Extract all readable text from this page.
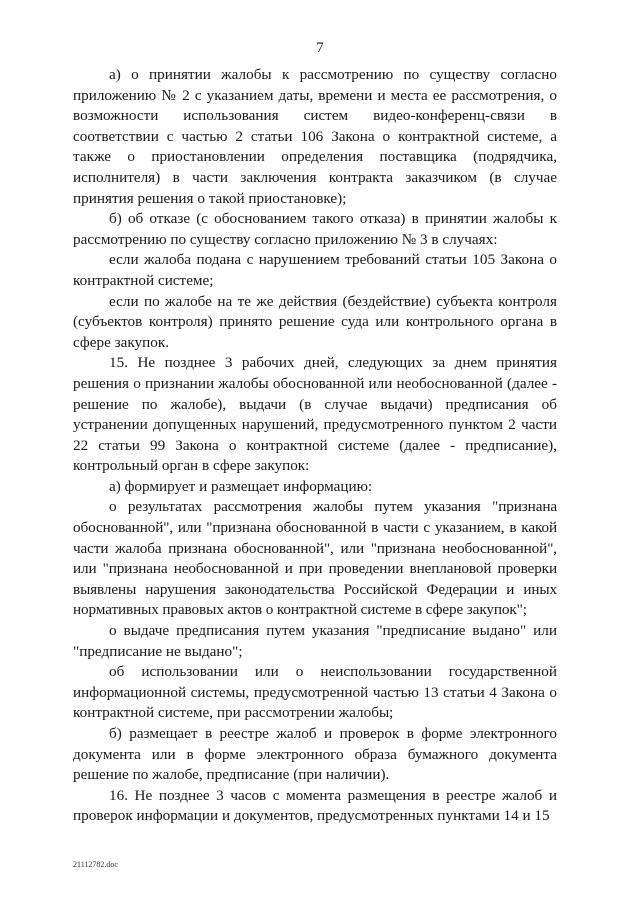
7

а) о принятии жалобы к рассмотрению по существу согласно приложению № 2 с указанием даты, времени и места ее рассмотрения, о возможности использования систем видео-конференц-связи в соответствии с частью 2 статьи 106 Закона о контрактной системе, а также о приостановлении определения поставщика (подрядчика, исполнителя) в части заключения контракта заказчиком (в случае принятия решения о такой приостановке);

б) об отказе (с обоснованием такого отказа) в принятии жалобы к рассмотрению по существу согласно приложению № 3 в случаях:

если жалоба подана с нарушением требований статьи 105 Закона о контрактной системе;

если по жалобе на те же действия (бездействие) субъекта контроля (субъектов контроля) принято решение суда или контрольного органа в сфере закупок.

15. Не позднее 3 рабочих дней, следующих за днем принятия решения о признании жалобы обоснованной или необоснованной (далее - решение по жалобе), выдачи (в случае выдачи) предписания об устранении допущенных нарушений, предусмотренного пунктом 2 части 22 статьи 99 Закона о контрактной системе (далее - предписание), контрольный орган в сфере закупок:

а) формирует и размещает информацию:

о результатах рассмотрения жалобы путем указания "признана обоснованной", или "признана обоснованной в части с указанием, в какой части жалоба признана обоснованной", или "признана необоснованной", или "признана необоснованной и при проведении внеплановой проверки выявлены нарушения законодательства Российской Федерации и иных нормативных правовых актов о контрактной системе в сфере закупок";

о выдаче предписания путем указания "предписание выдано" или "предписание не выдано";

об использовании или о неиспользовании государственной информационной системы, предусмотренной частью 13 статьи 4 Закона о контрактной системе, при рассмотрении жалобы;

б) размещает в реестре жалоб и проверок в форме электронного документа или в форме электронного образа бумажного документа решение по жалобе, предписание (при наличии).

16. Не позднее 3 часов с момента размещения в реестре жалоб и проверок информации и документов, предусмотренных пунктами 14 и 15

21112782.doc
